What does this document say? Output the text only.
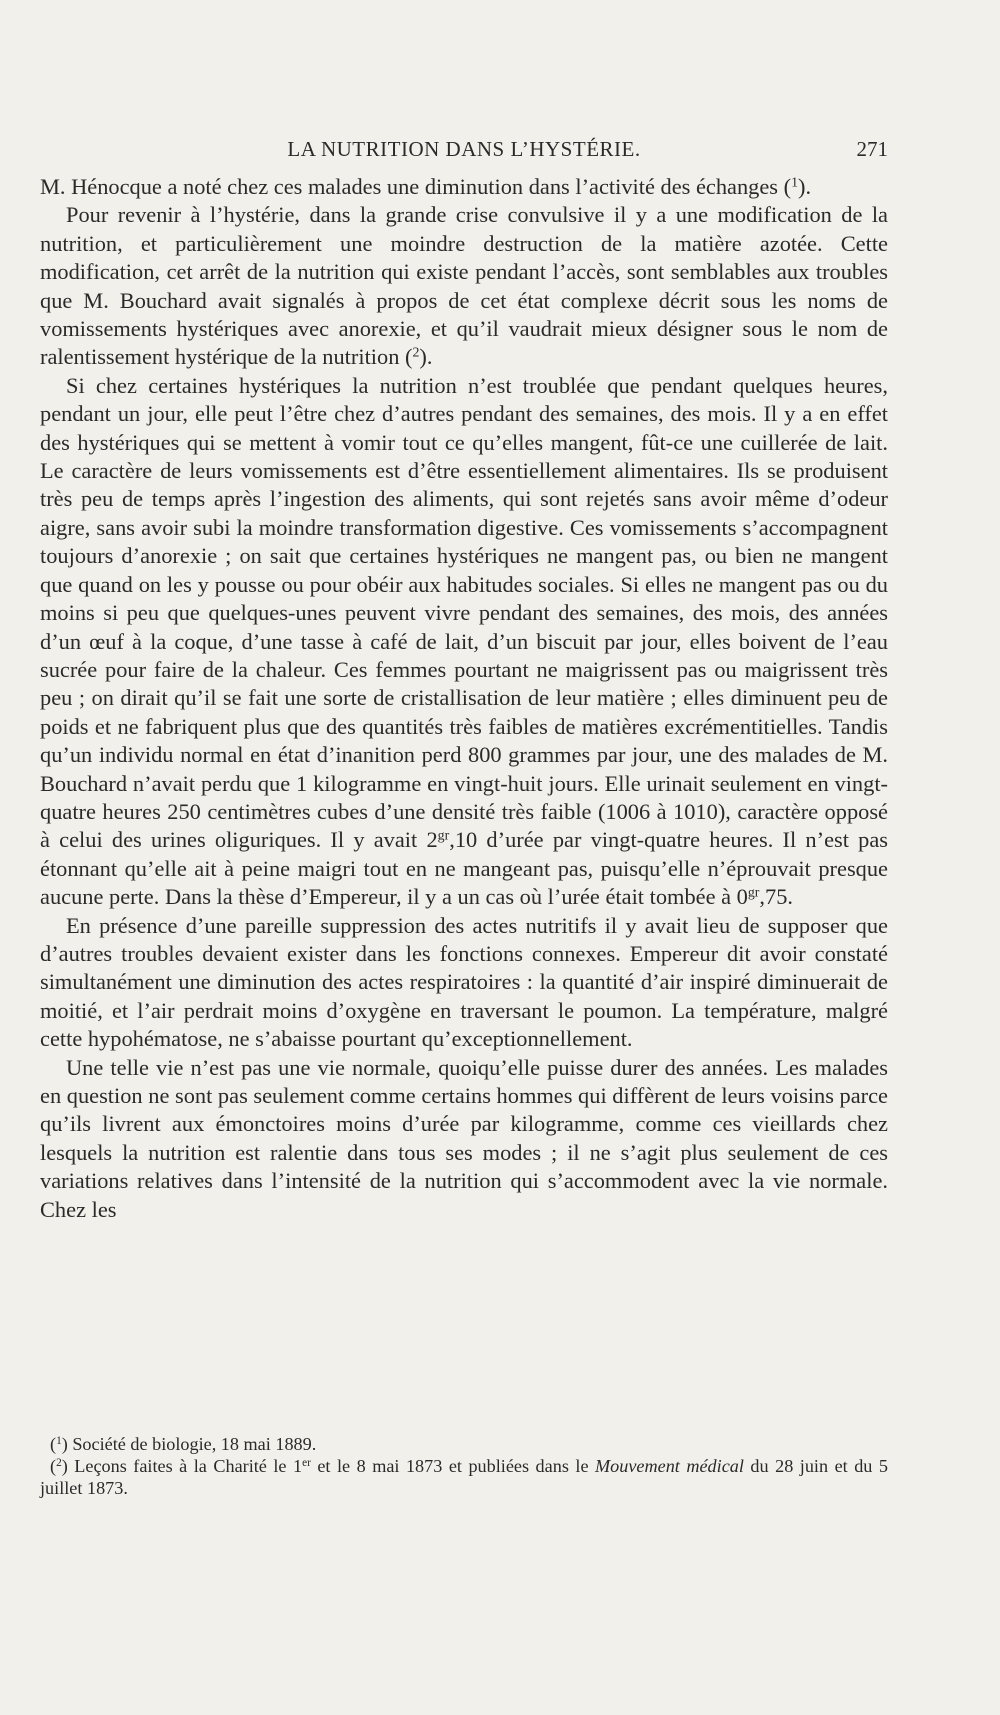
LA NUTRITION DANS L’HYSTÉRIE.	271

M. Hénocque a noté chez ces malades une diminution dans l’activité des échanges ($^1$).

Pour revenir à l’hystérie, dans la grande crise convulsive il y a une modification de la nutrition, et particulièrement une moindre destruction de la matière azotée. Cette modification, cet arrêt de la nutrition qui existe pendant l’accès, sont semblables aux troubles que M. Bouchard avait signalés à propos de cet état complexe décrit sous les noms de vomissements hystériques avec anorexie, et qu’il vaudrait mieux désigner sous le nom de ralentissement hystérique de la nutrition ($^2$).

Si chez certaines hystériques la nutrition n’est troublée que pendant quelques heures, pendant un jour, elle peut l’être chez d’autres pendant des semaines, des mois. Il y a en effet des hystériques qui se mettent à vomir tout ce qu’elles mangent, fût-ce une cuillerée de lait. Le caractère de leurs vomissements est d’être essentiellement alimentaires. Ils se produisent très peu de temps après l’ingestion des aliments, qui sont rejetés sans avoir même d’odeur aigre, sans avoir subi la moindre transformation digestive. Ces vomissements s’accompagnent toujours d’anorexie ; on sait que certaines hystériques ne mangent pas, ou bien ne mangent que quand on les y pousse ou pour obéir aux habitudes sociales. Si elles ne mangent pas ou du moins si peu que quelques-unes peuvent vivre pendant des semaines, des mois, des années d’un œuf à la coque, d’une tasse à café de lait, d’un biscuit par jour, elles boivent de l’eau sucrée pour faire de la chaleur. Ces femmes pourtant ne maigrissent pas ou maigrissent très peu ; on dirait qu’il se fait une sorte de cristallisation de leur matière ; elles diminuent peu de poids et ne fabriquent plus que des quantités très faibles de matières excrémentitielles. Tandis qu’un individu normal en état d’inanition perd 800 grammes par jour, une des malades de M. Bouchard n’avait perdu que 1 kilogramme en vingt-huit jours. Elle urinait seulement en vingt-quatre heures 250 centimètres cubes d’une densité très faible (1006 à 1010), caractère opposé à celui des urines oliguriques. Il y avait $2^{gr},10$ d’urée par vingt-quatre heures. Il n’est pas étonnant qu’elle ait à peine maigri tout en ne mangeant pas, puisqu’elle n’éprouvait presque aucune perte. Dans la thèse d’Empereur, il y a un cas où l’urée était tombée à $0^{gr},75$.

En présence d’une pareille suppression des actes nutritifs il y avait lieu de supposer que d’autres troubles devaient exister dans les fonctions connexes. Empereur dit avoir constaté simultanément une diminution des actes respiratoires : la quantité d’air inspiré diminuerait de moitié, et l’air perdrait moins d’oxygène en traversant le poumon. La température, malgré cette hypohématose, ne s’abaisse pourtant qu’exceptionnellement.

Une telle vie n’est pas une vie normale, quoiqu’elle puisse durer des années. Les malades en question ne sont pas seulement comme certains hommes qui diffèrent de leurs voisins parce qu’ils livrent aux émonctoires moins d’urée par kilogramme, comme ces vieillards chez lesquels la nutrition est ralentie dans tous ses modes ; il ne s’agit plus seulement de ces variations relatives dans l’intensité de la nutrition qui s’accommodent avec la vie normale. Chez les

($^1$) Société de biologie, 18 mai 1889.

($^2$) Leçons faites à la Charité le 1er et le 8 mai 1873 et publiées dans le Mouvement médical du 28 juin et du 5 juillet 1873.
